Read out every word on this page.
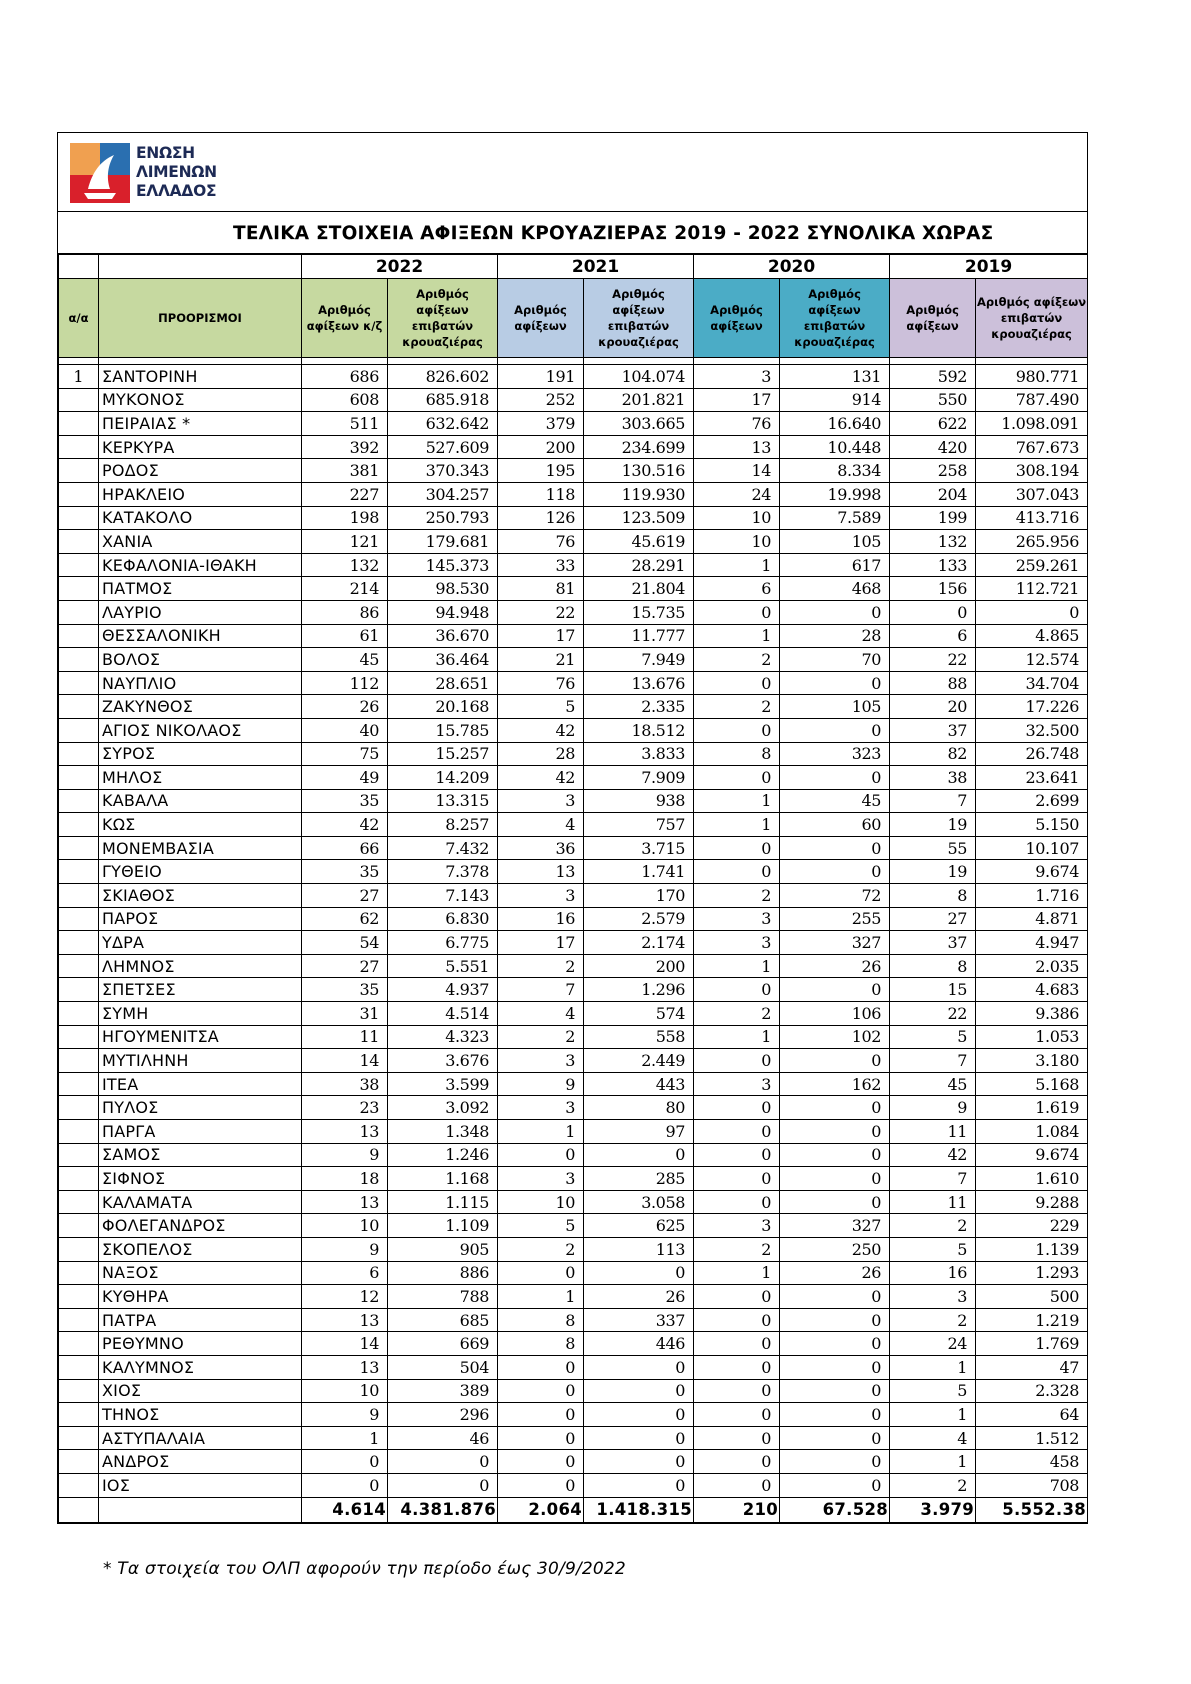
ΕΝΩΣΗ
ΛΙΜΕΝΩΝ
ΕΛΛΑΔΟΣ
ΤΕΛΙΚΑ ΣΤΟΙΧΕΙΑ ΑΦΙΞΕΩΝ ΚΡΟΥΑΖΙΕΡΑΣ 2019 - 2022 ΣΥΝΟΛΙΚΑ ΧΩΡΑΣ
		2022		2021		2020		2019	
α/α	ΠΡΟΟΡΙΣΜΟΙ	Αριθμός αφίξεων κ/ζ	Αριθμός αφίξεων επιβατών κρουαζιέρας	Αριθμός αφίξεων	Αριθμός αφίξεων επιβατών κρουαζιέρας	Αριθμός αφίξεων	Αριθμός αφίξεων επιβατών κρουαζιέρας	Αριθμός αφίξεων	Αριθμός αφίξεων επιβατών κρουαζιέρας

1	ΣΑΝΤΟΡΙΝΗ	686	826.602	191	104.074	3	131	592	980.771
	ΜΥΚΟΝΟΣ	608	685.918	252	201.821	17	914	550	787.490
	ΠΕΙΡΑΙΑΣ *	511	632.642	379	303.665	76	16.640	622	1.098.091
	ΚΕΡΚΥΡΑ	392	527.609	200	234.699	13	10.448	420	767.673
	ΡΟΔΟΣ	381	370.343	195	130.516	14	8.334	258	308.194
	ΗΡΑΚΛΕΙΟ	227	304.257	118	119.930	24	19.998	204	307.043
	ΚΑΤΑΚΟΛΟ	198	250.793	126	123.509	10	7.589	199	413.716
	ΧΑΝΙΑ	121	179.681	76	45.619	10	105	132	265.956
	ΚΕΦΑΛΟΝΙΑ-ΙΘΑΚΗ	132	145.373	33	28.291	1	617	133	259.261
	ΠΑΤΜΟΣ	214	98.530	81	21.804	6	468	156	112.721
	ΛΑΥΡΙΟ	86	94.948	22	15.735	0	0	0	0
	ΘΕΣΣΑΛΟΝΙΚΗ	61	36.670	17	11.777	1	28	6	4.865
	ΒΟΛΟΣ	45	36.464	21	7.949	2	70	22	12.574
	ΝΑΥΠΛΙΟ	112	28.651	76	13.676	0	0	88	34.704
	ΖΑΚΥΝΘΟΣ	26	20.168	5	2.335	2	105	20	17.226
	ΑΓΙΟΣ ΝΙΚΟΛΑΟΣ	40	15.785	42	18.512	0	0	37	32.500
	ΣΥΡΟΣ	75	15.257	28	3.833	8	323	82	26.748
	ΜΗΛΟΣ	49	14.209	42	7.909	0	0	38	23.641
	ΚΑΒΑΛΑ	35	13.315	3	938	1	45	7	2.699
	ΚΩΣ	42	8.257	4	757	1	60	19	5.150
	ΜΟΝΕΜΒΑΣΙΑ	66	7.432	36	3.715	0	0	55	10.107
	ΓΥΘΕΙΟ	35	7.378	13	1.741	0	0	19	9.674
	ΣΚΙΑΘΟΣ	27	7.143	3	170	2	72	8	1.716
	ΠΑΡΟΣ	62	6.830	16	2.579	3	255	27	4.871
	ΥΔΡΑ	54	6.775	17	2.174	3	327	37	4.947
	ΛΗΜΝΟΣ	27	5.551	2	200	1	26	8	2.035
	ΣΠΕΤΣΕΣ	35	4.937	7	1.296	0	0	15	4.683
	ΣΥΜΗ	31	4.514	4	574	2	106	22	9.386
	ΗΓΟΥΜΕΝΙΤΣΑ	11	4.323	2	558	1	102	5	1.053
	ΜΥΤΙΛΗΝΗ	14	3.676	3	2.449	0	0	7	3.180
	ΙΤΕΑ	38	3.599	9	443	3	162	45	5.168
	ΠΥΛΟΣ	23	3.092	3	80	0	0	9	1.619
	ΠΑΡΓΑ	13	1.348	1	97	0	0	11	1.084
	ΣΑΜΟΣ	9	1.246	0	0	0	0	42	9.674
	ΣΙΦΝΟΣ	18	1.168	3	285	0	0	7	1.610
	ΚΑΛΑΜΑΤΑ	13	1.115	10	3.058	0	0	11	9.288
	ΦΟΛΕΓΑΝΔΡΟΣ	10	1.109	5	625	3	327	2	229
	ΣΚΟΠΕΛΟΣ	9	905	2	113	2	250	5	1.139
	ΝΑΞΟΣ	6	886	0	0	1	26	16	1.293
	ΚΥΘΗΡΑ	12	788	1	26	0	0	3	500
	ΠΑΤΡΑ	13	685	8	337	0	0	2	1.219
	ΡΕΘΥΜΝΟ	14	669	8	446	0	0	24	1.769
	ΚΑΛΥΜΝΟΣ	13	504	0	0	0	0	1	47
	ΧΙΟΣ	10	389	0	0	0	0	5	2.328
	ΤΗΝΟΣ	9	296	0	0	0	0	1	64
	ΑΣΤΥΠΑΛΑΙΑ	1	46	0	0	0	0	4	1.512
	ΑΝΔΡΟΣ	0	0	0	0	0	0	1	458
	ΙΟΣ	0	0	0	0	0	0	2	708
		4.614	4.381.876	2.064	1.418.315	210	67.528	3.979	5.552.38
* Τα στοιχεία του ΟΛΠ αφορούν την περίοδο έως 30/9/2022
